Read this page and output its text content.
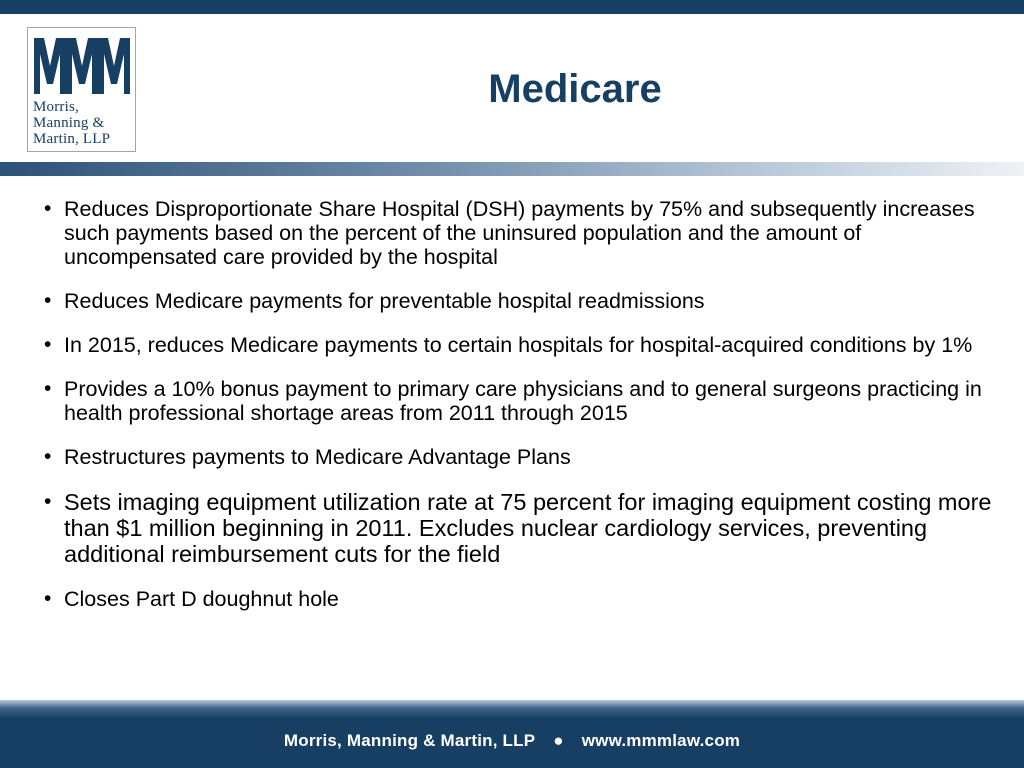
Morris,
Manning &
Martin, LLP
Medicare
• Reduces Disproportionate Share Hospital (DSH) payments by 75% and subsequently increases such payments based on the percent of the uninsured population and the amount of uncompensated care provided by the hospital
• Reduces Medicare payments for preventable hospital readmissions
• In 2015, reduces Medicare payments to certain hospitals for hospital-acquired conditions by 1%
• Provides a 10% bonus payment to primary care physicians and to general surgeons practicing in health professional shortage areas from 2011 through 2015
• Restructures payments to Medicare Advantage Plans
• Sets imaging equipment utilization rate at 75 percent for imaging equipment costing more than $1 million beginning in 2011. Excludes nuclear cardiology services, preventing additional reimbursement cuts for the field
• Closes Part D doughnut hole
Morris, Manning & Martin, LLP ● www.mmmlaw.com
